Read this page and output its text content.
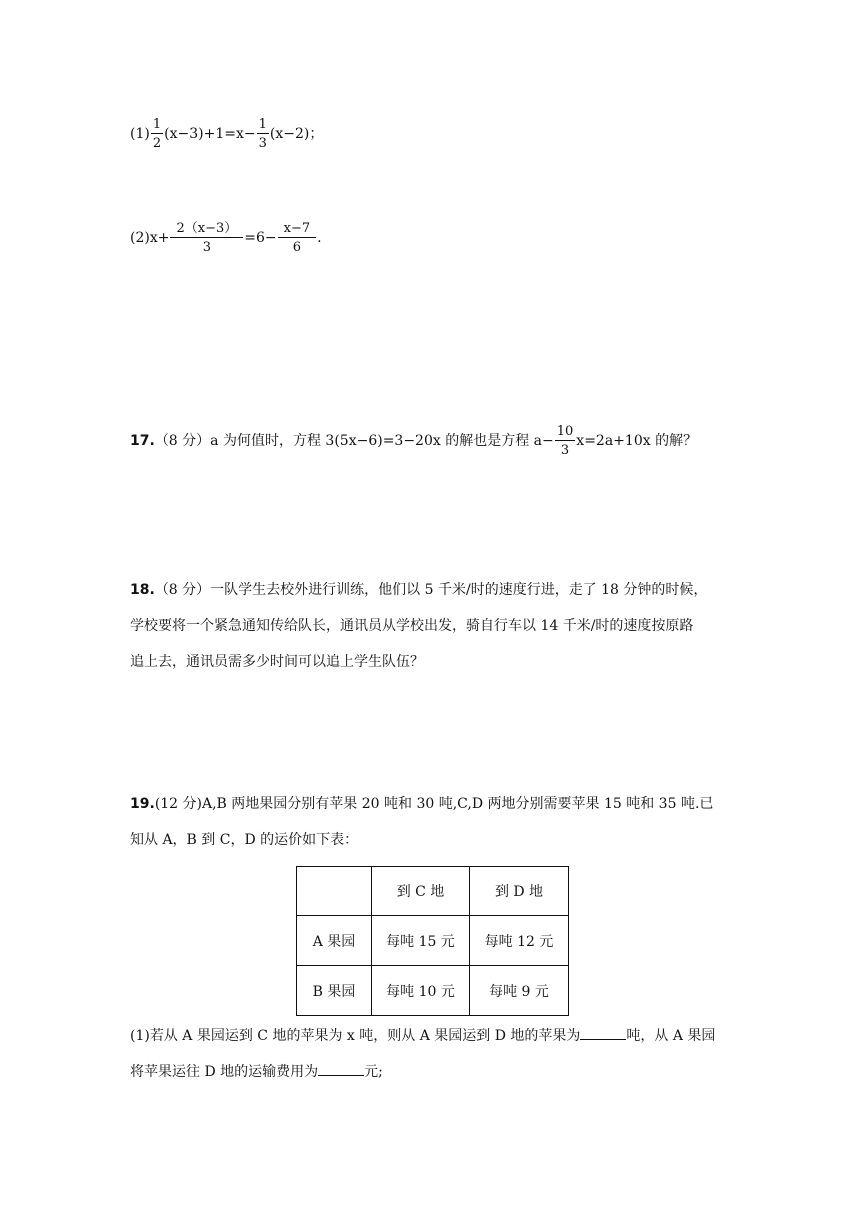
$(1) \frac{1}{2} (x-3)+1=x- \frac{1}{3} (x-2)$；
$(2)x+ \frac{2(x-3)}{3} =6- \frac{x-7}{6}$ .
17.（8 分）a 为何值时，方程 3(5x−6)=3−20x 的解也是方程 $a- \frac{10}{3} x=2a+10x$ 的解？
18.（8 分）一队学生去校外进行训练，他们以 5 千米/时的速度行进，走了 18 分钟的时候，
学校要将一个紧急通知传给队长，通讯员从学校出发，骑自行车以 14 千米/时的速度按原路
追上去，通讯员需多少时间可以追上学生队伍？
19.(12 分)A,B 两地果园分别有苹果 20 吨和 30 吨,C,D 两地分别需要苹果 15 吨和 35 吨.已
知从 A，B 到 C，D 的运价如下表：
	到 C 地	到 D 地
A 果园	每吨 15 元	每吨 12 元
B 果园	每吨 10 元	每吨 9 元
(1)若从 A 果园运到 C 地的苹果为 x 吨，则从 A 果园运到 D 地的苹果为	吨，从 A 果园
将苹果运往 D 地的运输费用为	元;
